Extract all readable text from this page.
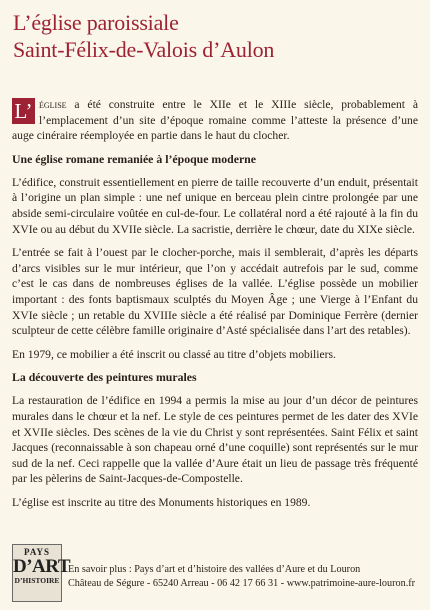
L’église paroissiale
Saint-Félix-de-Valois d’Aulon

L’ église a été construite entre le XIIe et le XIIIe siècle, probablement à l’emplacement d’un site d’époque romaine comme l’atteste la présence d’une auge cinéraire réemployée en partie dans le haut du clocher.

Une église romane remaniée à l’époque moderne

L’édifice, construit essentiellement en pierre de taille recouverte d’un enduit, présentait à l’origine un plan simple : une nef unique en berceau plein cintre prolongée par une abside semi-circulaire voûtée en cul-de-four. Le collatéral nord a été rajouté à la fin du XVIe ou au début du XVIIe siècle. La sacristie, derrière le chœur, date du XIXe siècle.

L’entrée se fait à l’ouest par le clocher-porche, mais il semblerait, d’après les départs d’arcs visibles sur le mur intérieur, que l’on y accédait autrefois par le sud, comme c’est le cas dans de nombreuses églises de la vallée. L’église possède un mobilier important : des fonts baptismaux sculptés du Moyen Âge ; une Vierge à l’Enfant du XVIe siècle ; un retable du XVIIIe siècle a été réalisé par Dominique Ferrère (dernier sculpteur de cette célèbre famille originaire d’Asté spécialisée dans l’art des retables).

En 1979, ce mobilier a été inscrit ou classé au titre d’objets mobiliers.

La découverte des peintures murales

La restauration de l’édifice en 1994 a permis la mise au jour d’un décor de peintures murales dans le chœur et la nef. Le style de ces peintures permet de les dater des XVIe et XVIIe siècles. Des scènes de la vie du Christ y sont représentées. Saint Félix et saint Jacques (reconnaissable à son chapeau orné d’une coquille) sont représentés sur le mur sud de la nef. Ceci rappelle que la vallée d’Aure était un lieu de passage très fréquenté par les pèlerins de Saint-Jacques-de-Compostelle.

L’église est inscrite au titre des Monuments historiques en 1989.

PAYS
D’ART
D’HISTOIRE
En savoir plus : Pays d’art et d’histoire des vallées d’Aure et du Louron
Château de Ségure - 65240 Arreau - 06 42 17 66 31 - www.patrimoine-aure-louron.fr
